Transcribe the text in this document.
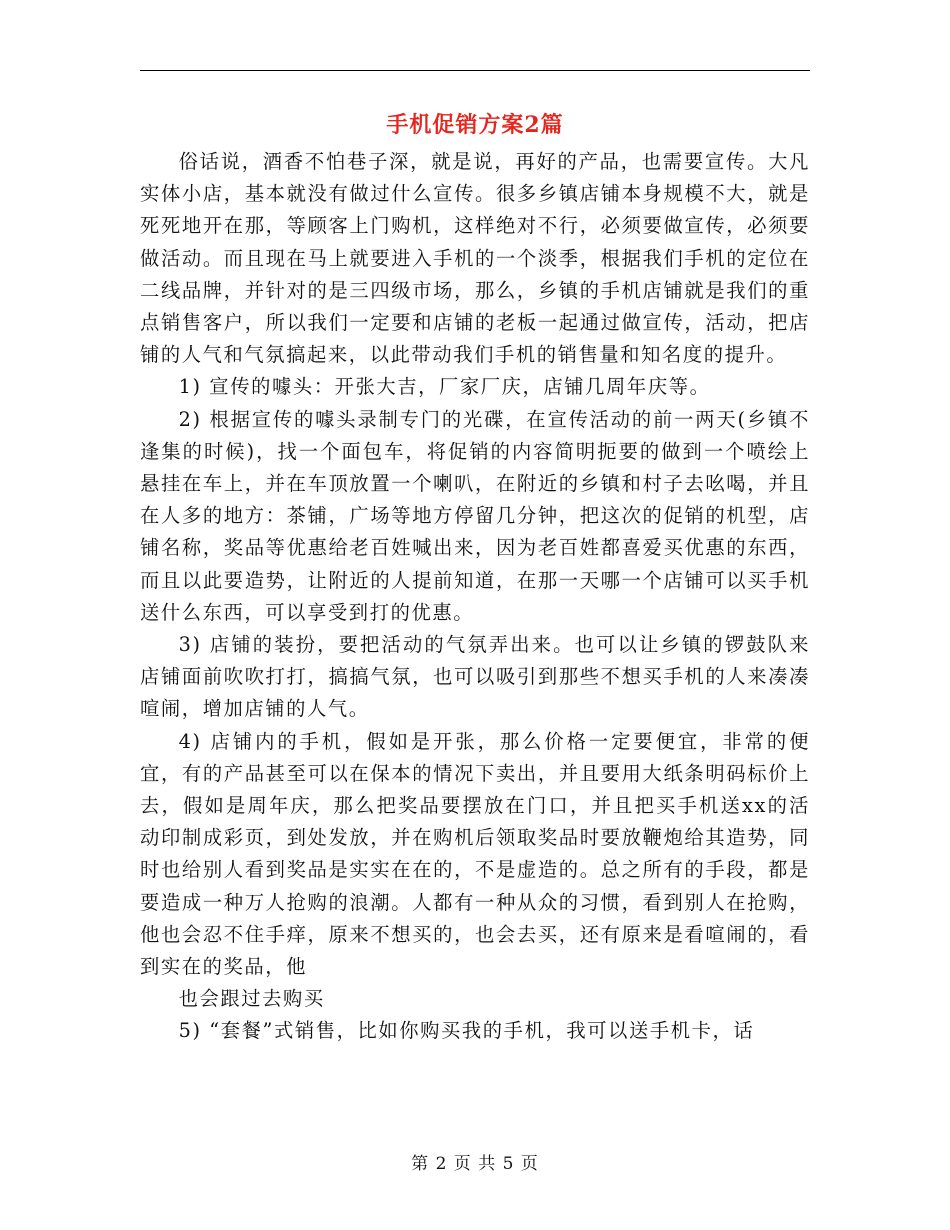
手机促销方案2篇

俗话说，酒香不怕巷子深，就是说，再好的产品，也需要宣传。大凡实体小店，基本就没有做过什么宣传。很多乡镇店铺本身规模不大，就是死死地开在那，等顾客上门购机，这样绝对不行，必须要做宣传，必须要做活动。而且现在马上就要进入手机的一个淡季，根据我们手机的定位在二线品牌，并针对的是三四级市场，那么，乡镇的手机店铺就是我们的重点销售客户，所以我们一定要和店铺的老板一起通过做宣传，活动，把店铺的人气和气氛搞起来，以此带动我们手机的销售量和知名度的提升。

1) 宣传的噱头：开张大吉，厂家厂庆，店铺几周年庆等。

2) 根据宣传的噱头录制专门的光碟，在宣传活动的前一两天(乡镇不逢集的时候)，找一个面包车，将促销的内容简明扼要的做到一个喷绘上悬挂在车上，并在车顶放置一个喇叭，在附近的乡镇和村子去吆喝，并且在人多的地方：茶铺，广场等地方停留几分钟，把这次的促销的机型，店铺名称，奖品等优惠给老百姓喊出来，因为老百姓都喜爱买优惠的东西，而且以此要造势，让附近的人提前知道，在那一天哪一个店铺可以买手机送什么东西，可以享受到打的优惠。

3) 店铺的装扮，要把活动的气氛弄出来。也可以让乡镇的锣鼓队来店铺面前吹吹打打，搞搞气氛，也可以吸引到那些不想买手机的人来凑凑喧闹，增加店铺的人气。

4) 店铺内的手机，假如是开张，那么价格一定要便宜，非常的便宜，有的产品甚至可以在保本的情况下卖出，并且要用大纸条明码标价上去，假如是周年庆，那么把奖品要摆放在门口，并且把买手机送xx的活动印制成彩页，到处发放，并在购机后领取奖品时要放鞭炮给其造势，同时也给别人看到奖品是实实在在的，不是虚造的。总之所有的手段，都是要造成一种万人抢购的浪潮。人都有一种从众的习惯，看到别人在抢购，他也会忍不住手痒，原来不想买的，也会去买，还有原来是看喧闹的，看到实在的奖品，他

也会跟过去购买

5) “套餐”式销售，比如你购买我的手机，我可以送手机卡，话

第 2 页 共 5 页
